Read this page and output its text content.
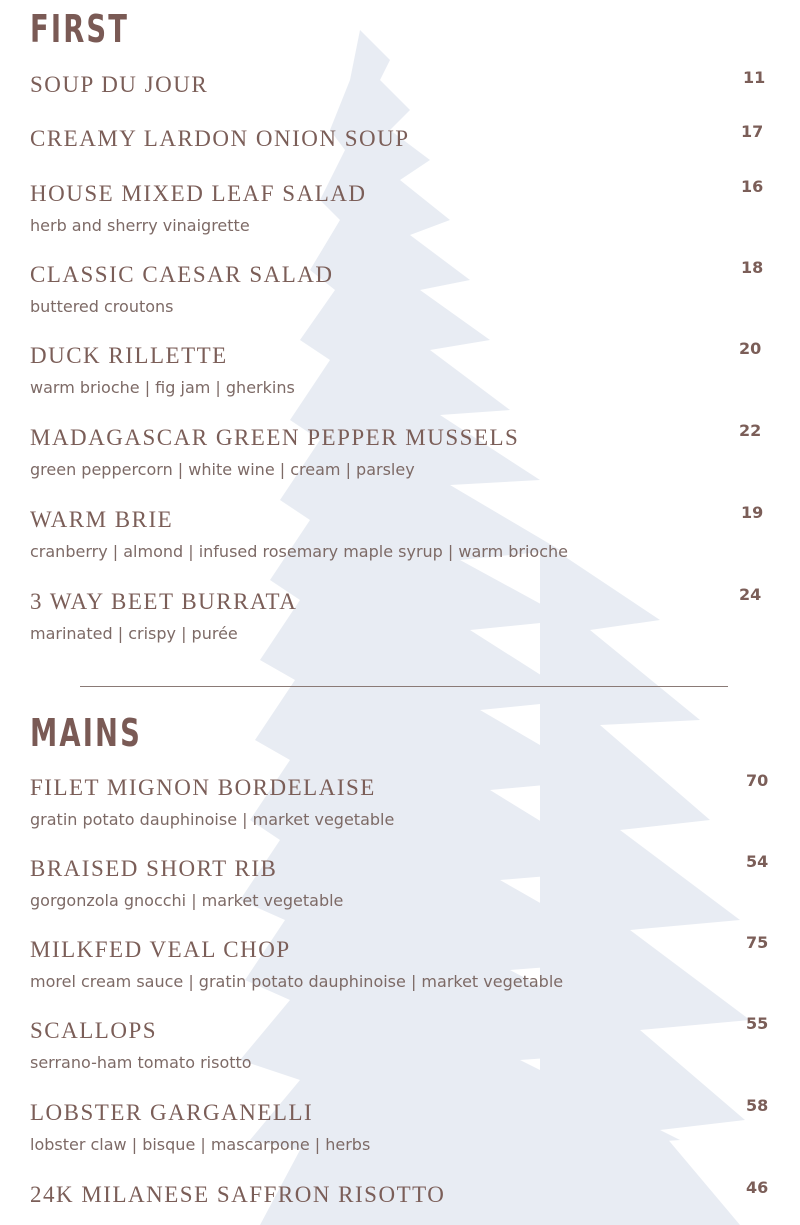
FIRST
SOUP DU JOUR	11
CREAMY LARDON ONION SOUP	17
HOUSE MIXED LEAF SALAD
herb and sherry vinaigrette
16
CLASSIC CAESAR SALAD
buttered croutons
18
DUCK RILLETTE
warm brioche | fig jam | gherkins
20
MADAGASCAR GREEN PEPPER MUSSELS
green peppercorn | white wine | cream | parsley
22
WARM BRIE
cranberry | almond | infused rosemary maple syrup | warm brioche
19
3 WAY BEET BURRATA
marinated | crispy | purée
24
MAINS
FILET MIGNON BORDELAISE
gratin potato dauphinoise | market vegetable
70
BRAISED SHORT RIB
gorgonzola gnocchi | market vegetable
54
MILKFED VEAL CHOP
morel cream sauce | gratin potato dauphinoise | market vegetable
75
SCALLOPS
serrano-ham tomato risotto
55
LOBSTER GARGANELLI
lobster claw | bisque | mascarpone | herbs
58
24K MILANESE SAFFRON RISOTTO	46
